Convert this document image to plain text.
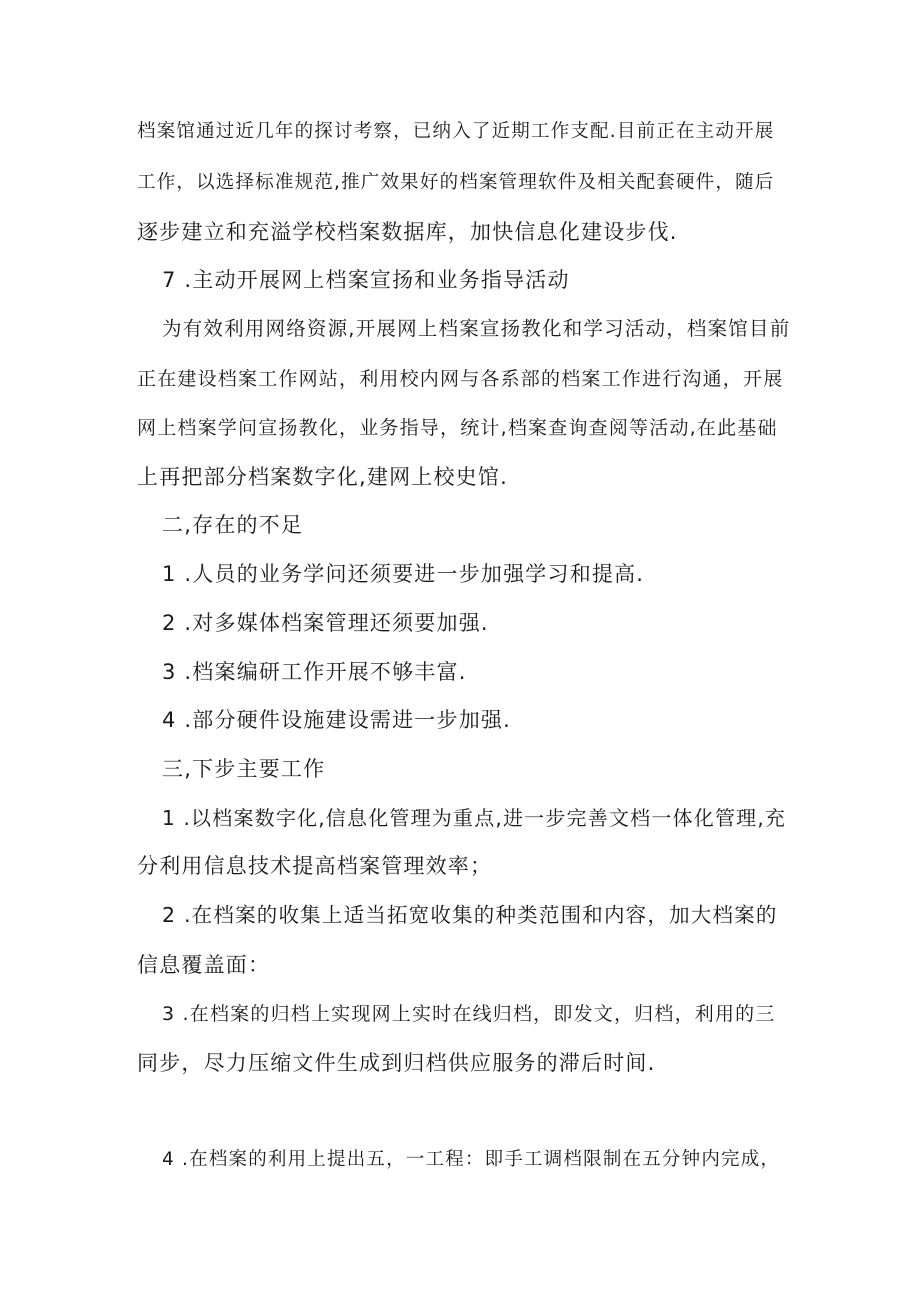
档案馆通过近几年的探讨考察，已纳入了近期工作支配.目前正在主动开展
工作，以选择标准规范,推广效果好的档案管理软件及相关配套硬件，随后
逐步建立和充溢学校档案数据库，加快信息化建设步伐.
7 .主动开展网上档案宣扬和业务指导活动
为有效利用网络资源,开展网上档案宣扬教化和学习活动，档案馆目前
正在建设档案工作网站，利用校内网与各系部的档案工作进行沟通，开展
网上档案学问宣扬教化，业务指导，统计,档案查询查阅等活动,在此基础
上再把部分档案数字化,建网上校史馆.
二,存在的不足
1 .人员的业务学问还须要进一步加强学习和提高.
2 .对多媒体档案管理还须要加强.
3 .档案编研工作开展不够丰富.
4 .部分硬件设施建设需进一步加强.
三,下步主要工作
1 .以档案数字化,信息化管理为重点,进一步完善文档一体化管理,充
分利用信息技术提高档案管理效率；
2 .在档案的收集上适当拓宽收集的种类范围和内容，加大档案的
信息覆盖面：
3 .在档案的归档上实现网上实时在线归档，即发文，归档，利用的三
同步，尽力压缩文件生成到归档供应服务的滞后时间.
4 .在档案的利用上提出五，一工程：即手工调档限制在五分钟内完成，
